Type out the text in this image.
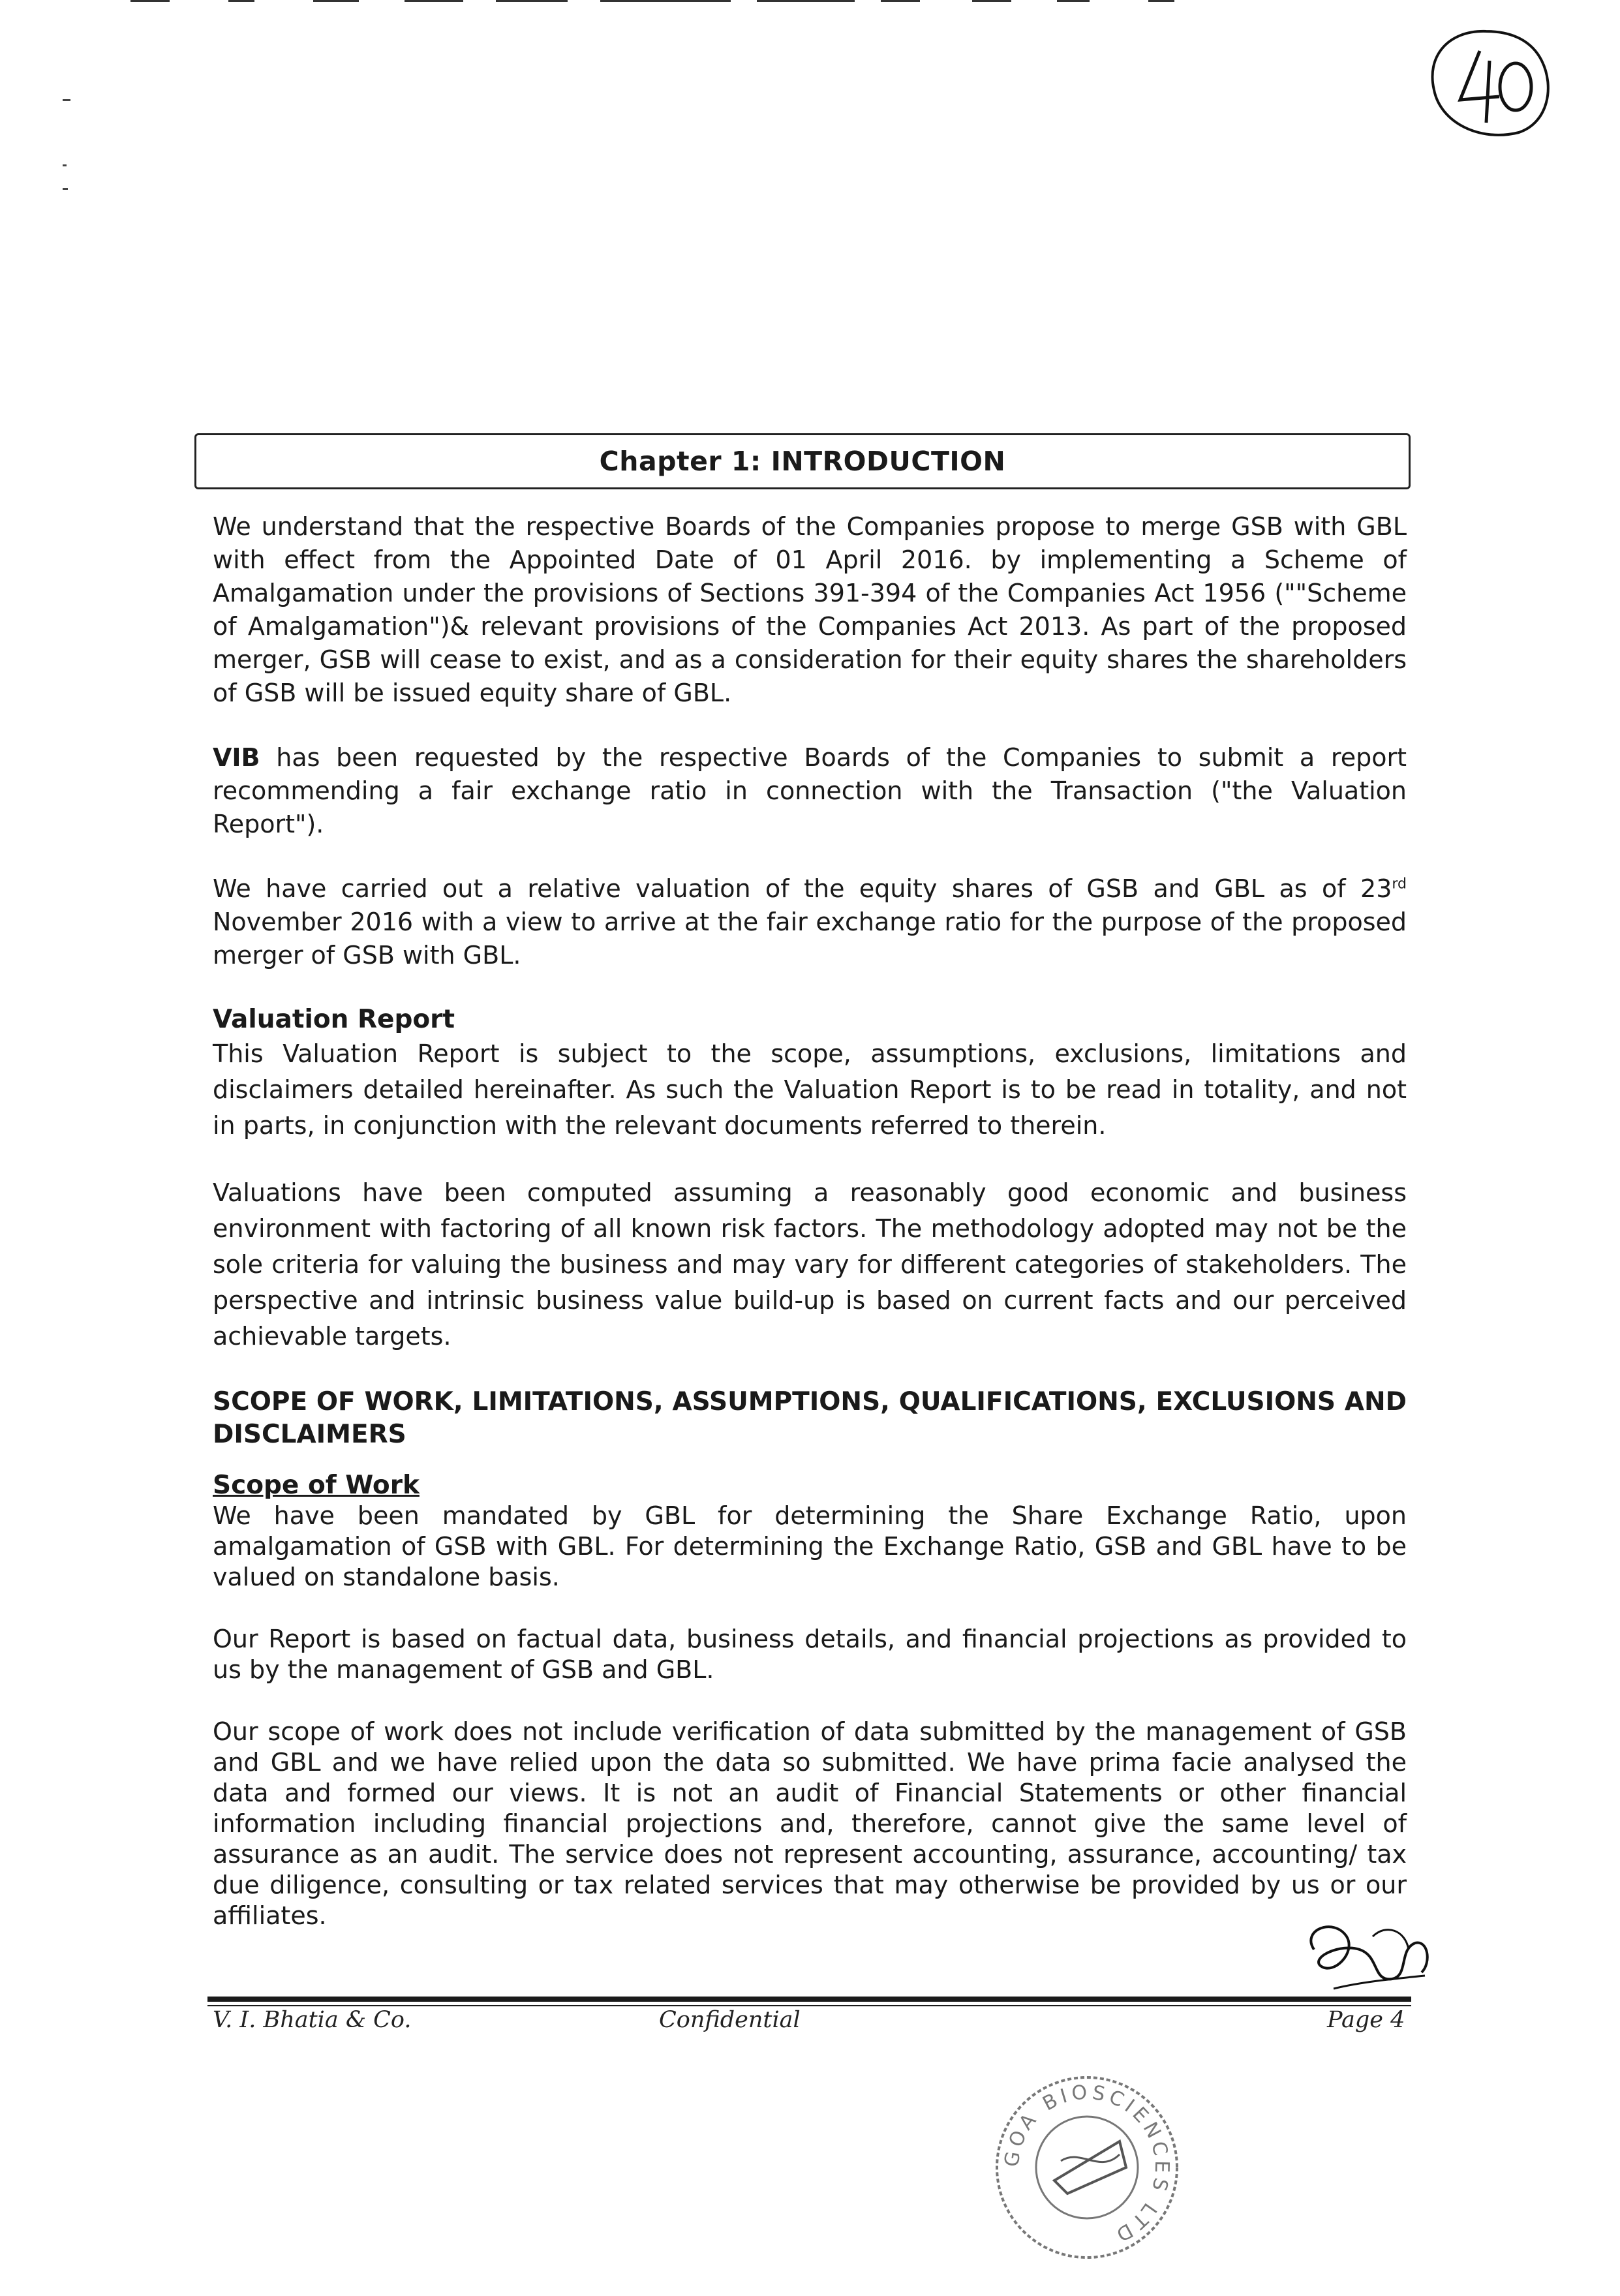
Chapter 1: INTRODUCTION

We understand that the respective Boards of the Companies propose to merge GSB with GBL with effect from the Appointed Date of 01 April 2016. by implementing a Scheme of Amalgamation under the provisions of Sections 391-394 of the Companies Act 1956 (""Scheme of Amalgamation")& relevant provisions of the Companies Act 2013. As part of the proposed merger, GSB will cease to exist, and as a consideration for their equity shares the shareholders of GSB will be issued equity share of GBL.

VIB has been requested by the respective Boards of the Companies to submit a report recommending a fair exchange ratio in connection with the Transaction ("the Valuation Report").

We have carried out a relative valuation of the equity shares of GSB and GBL as of 23rd November 2016 with a view to arrive at the fair exchange ratio for the purpose of the proposed merger of GSB with GBL.

Valuation Report

This Valuation Report is subject to the scope, assumptions, exclusions, limitations and disclaimers detailed hereinafter. As such the Valuation Report is to be read in totality, and not in parts, in conjunction with the relevant documents referred to therein.

Valuations have been computed assuming a reasonably good economic and business environment with factoring of all known risk factors. The methodology adopted may not be the sole criteria for valuing the business and may vary for different categories of stakeholders. The perspective and intrinsic business value build-up is based on current facts and our perceived achievable targets.

SCOPE OF WORK, LIMITATIONS, ASSUMPTIONS, QUALIFICATIONS, EXCLUSIONS AND DISCLAIMERS

Scope of Work

We have been mandated by GBL for determining the Share Exchange Ratio, upon amalgamation of GSB with GBL. For determining the Exchange Ratio, GSB and GBL have to be valued on standalone basis.

Our Report is based on factual data, business details, and financial projections as provided to us by the management of GSB and GBL.

Our scope of work does not include verification of data submitted by the management of GSB and GBL and we have relied upon the data so submitted. We have prima facie analysed the data and formed our views. It is not an audit of Financial Statements or other financial information including financial projections and, therefore, cannot give the same level of assurance as an audit. The service does not represent accounting, assurance, accounting/ tax due diligence, consulting or tax related services that may otherwise be provided by us or our affiliates.

V. I. Bhatia & Co.	Confidential	Page 4
GOA BIOSCIENCES LTD
